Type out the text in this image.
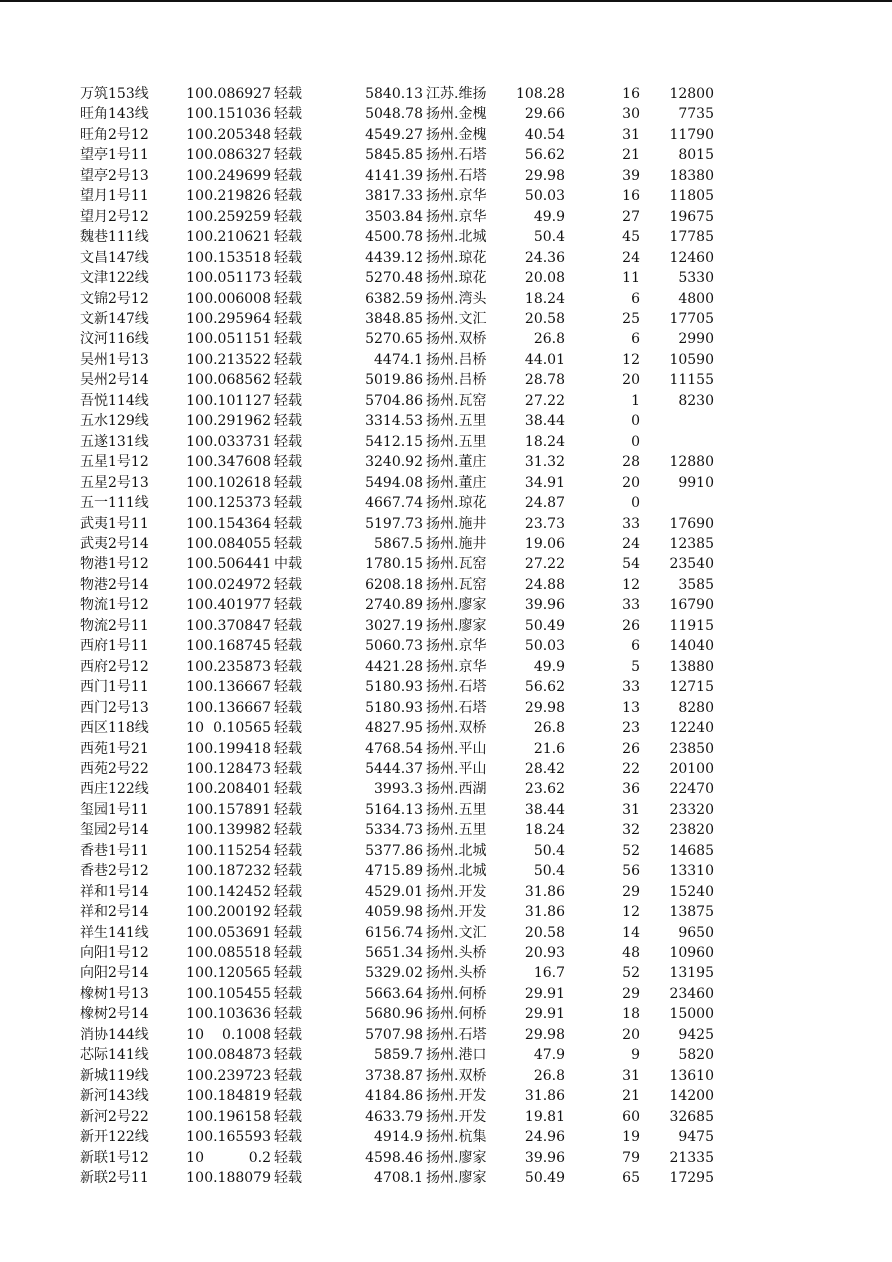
万筑153线	10	0.086927	轻载	5840.13	江苏.维扬	108.28	16	12800
旺角143线	10	0.151036	轻载	5048.78	扬州.金槐	29.66	30	7735
旺角2号12	10	0.205348	轻载	4549.27	扬州.金槐	40.54	31	11790
望亭1号11	10	0.086327	轻载	5845.85	扬州.石塔	56.62	21	8015
望亭2号13	10	0.249699	轻载	4141.39	扬州.石塔	29.98	39	18380
望月1号11	10	0.219826	轻载	3817.33	扬州.京华	50.03	16	11805
望月2号12	10	0.259259	轻载	3503.84	扬州.京华	49.9	27	19675
魏巷111线	10	0.210621	轻载	4500.78	扬州.北城	50.4	45	17785
文昌147线	10	0.153518	轻载	4439.12	扬州.琼花	24.36	24	12460
文津122线	10	0.051173	轻载	5270.48	扬州.琼花	20.08	11	5330
文锦2号12	10	0.006008	轻载	6382.59	扬州.湾头	18.24	6	4800
文新147线	10	0.295964	轻载	3848.85	扬州.文汇	20.58	25	17705
汶河116线	10	0.051151	轻载	5270.65	扬州.双桥	26.8	6	2990
吴州1号13	10	0.213522	轻载	4474.1	扬州.吕桥	44.01	12	10590
吴州2号14	10	0.068562	轻载	5019.86	扬州.吕桥	28.78	20	11155
吾悦114线	10	0.101127	轻载	5704.86	扬州.瓦窑	27.22	1	8230
五水129线	10	0.291962	轻载	3314.53	扬州.五里	38.44	0	
五遂131线	10	0.033731	轻载	5412.15	扬州.五里	18.24	0	
五星1号12	10	0.347608	轻载	3240.92	扬州.董庄	31.32	28	12880
五星2号13	10	0.102618	轻载	5494.08	扬州.董庄	34.91	20	9910
五一111线	10	0.125373	轻载	4667.74	扬州.琼花	24.87	0	
武夷1号11	10	0.154364	轻载	5197.73	扬州.施井	23.73	33	17690
武夷2号14	10	0.084055	轻载	5867.5	扬州.施井	19.06	24	12385
物港1号12	10	0.506441	中载	1780.15	扬州.瓦窑	27.22	54	23540
物港2号14	10	0.024972	轻载	6208.18	扬州.瓦窑	24.88	12	3585
物流1号12	10	0.401977	轻载	2740.89	扬州.廖家	39.96	33	16790
物流2号11	10	0.370847	轻载	3027.19	扬州.廖家	50.49	26	11915
西府1号11	10	0.168745	轻载	5060.73	扬州.京华	50.03	6	14040
西府2号12	10	0.235873	轻载	4421.28	扬州.京华	49.9	5	13880
西门1号11	10	0.136667	轻载	5180.93	扬州.石塔	56.62	33	12715
西门2号13	10	0.136667	轻载	5180.93	扬州.石塔	29.98	13	8280
西区118线	10	0.10565	轻载	4827.95	扬州.双桥	26.8	23	12240
西苑1号21	10	0.199418	轻载	4768.54	扬州.平山	21.6	26	23850
西苑2号22	10	0.128473	轻载	5444.37	扬州.平山	28.42	22	20100
西庄122线	10	0.208401	轻载	3993.3	扬州.西湖	23.62	36	22470
玺园1号11	10	0.157891	轻载	5164.13	扬州.五里	38.44	31	23320
玺园2号14	10	0.139982	轻载	5334.73	扬州.五里	18.24	32	23820
香巷1号11	10	0.115254	轻载	5377.86	扬州.北城	50.4	52	14685
香巷2号12	10	0.187232	轻载	4715.89	扬州.北城	50.4	56	13310
祥和1号14	10	0.142452	轻载	4529.01	扬州.开发	31.86	29	15240
祥和2号14	10	0.200192	轻载	4059.98	扬州.开发	31.86	12	13875
祥生141线	10	0.053691	轻载	6156.74	扬州.文汇	20.58	14	9650
向阳1号12	10	0.085518	轻载	5651.34	扬州.头桥	20.93	48	10960
向阳2号14	10	0.120565	轻载	5329.02	扬州.头桥	16.7	52	13195
橡树1号13	10	0.105455	轻载	5663.64	扬州.何桥	29.91	29	23460
橡树2号14	10	0.103636	轻载	5680.96	扬州.何桥	29.91	18	15000
消协144线	10	0.1008	轻载	5707.98	扬州.石塔	29.98	20	9425
芯际141线	10	0.084873	轻载	5859.7	扬州.港口	47.9	9	5820
新城119线	10	0.239723	轻载	3738.87	扬州.双桥	26.8	31	13610
新河143线	10	0.184819	轻载	4184.86	扬州.开发	31.86	21	14200
新河2号22	10	0.196158	轻载	4633.79	扬州.开发	19.81	60	32685
新开122线	10	0.165593	轻载	4914.9	扬州.杭集	24.96	19	9475
新联1号12	10	0.2	轻载	4598.46	扬州.廖家	39.96	79	21335
新联2号11	10	0.188079	轻载	4708.1	扬州.廖家	50.49	65	17295
